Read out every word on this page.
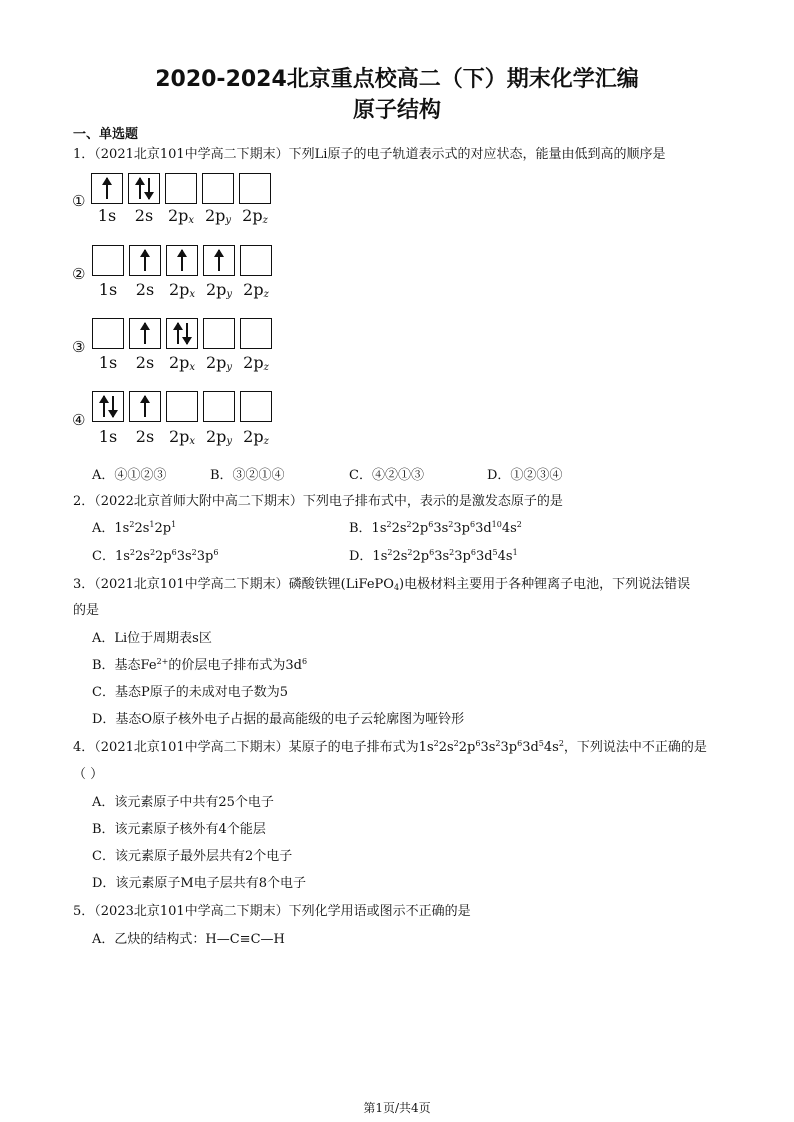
2020-2024北京重点校高二（下）期末化学汇编
原子结构
一、单选题
1．（2021北京101中学高二下期末）下列Li原子的电子轨道表示式的对应状态，能量由低到高的顺序是
①
1s	2s $2p_x$ $2p_y$ $2p_z$
②
1s	2s $2p_x$ $2p_y$ $2p_z$
③
1s	2s $2p_x$ $2p_y$ $2p_z$
④
1s	2s $2p_x$ $2p_y$ $2p_z$
A．④①②③	B．③②①④	C．④②①③	D．①②③④
2．（2022北京首师大附中高二下期末）下列电子排布式中，表示的是激发态原子的是
A．$1s^22s^12p^1$	B．$1s^22s^22p^63s^23p^63d^{10}4s^2$
C．$1s^22s^22p^63s^23p^6$	D．$1s^22s^22p^63s^23p^63d^54s^1$
3．（2021北京101中学高二下期末）磷酸铁锂(LiFePO$_4$)电极材料主要用于各种锂离子电池，下列说法错误
的是
A．Li位于周期表s区
B．基态$Fe^{2+}$的价层电子排布式为$3d^6$
C．基态P原子的未成对电子数为5
D．基态O原子核外电子占据的最高能级的电子云轮廓图为哑铃形
4．（2021北京101中学高二下期末）某原子的电子排布式为$1s^22s^22p^63s^23p^63d^54s^2$，下列说法中不正确的是
（ ）
A．该元素原子中共有25个电子
B．该元素原子核外有4个能层
C．该元素原子最外层共有2个电子
D．该元素原子M电子层共有8个电子
5．（2023北京101中学高二下期末）下列化学用语或图示不正确的是
A．乙炔的结构式：H—C≡C—H
第1页/共4页
